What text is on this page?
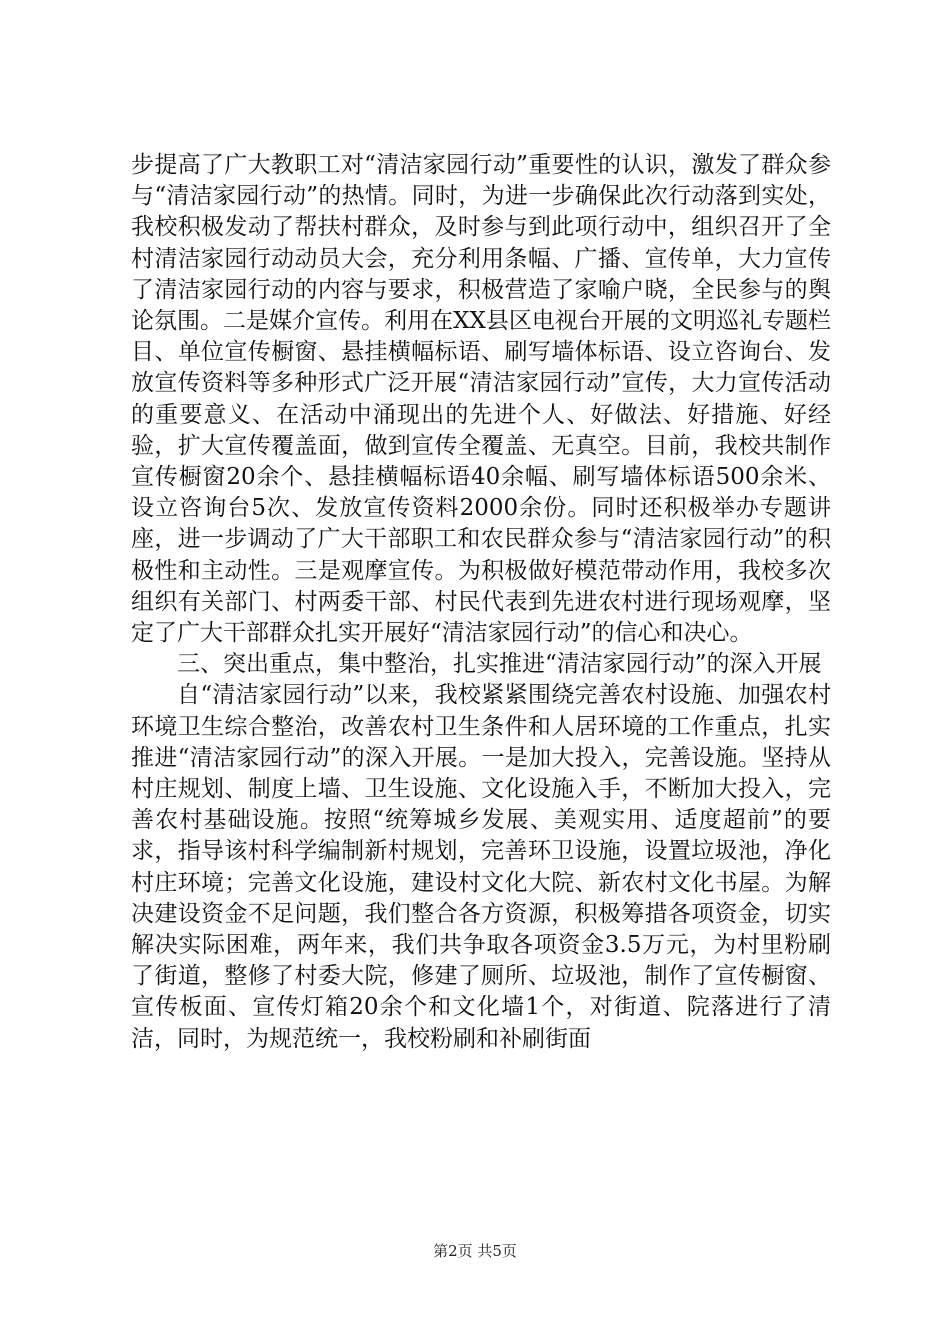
步提高了广大教职工对“清洁家园行动”重要性的认识，激发了群众参与“清洁家园行动”的热情。同时，为进一步确保此次行动落到实处，我校积极发动了帮扶村群众，及时参与到此项行动中，组织召开了全村清洁家园行动动员大会，充分利用条幅、广播、宣传单，大力宣传了清洁家园行动的内容与要求，积极营造了家喻户晓，全民参与的舆论氛围。二是媒介宣传。利用在XX县区电视台开展的文明巡礼专题栏目、单位宣传橱窗、悬挂横幅标语、刷写墙体标语、设立咨询台、发放宣传资料等多种形式广泛开展“清洁家园行动”宣传，大力宣传活动的重要意义、在活动中涌现出的先进个人、好做法、好措施、好经验，扩大宣传覆盖面，做到宣传全覆盖、无真空。目前，我校共制作宣传橱窗20余个、悬挂横幅标语40余幅、刷写墙体标语500余米、设立咨询台5次、发放宣传资料2000余份。同时还积极举办专题讲座，进一步调动了广大干部职工和农民群众参与“清洁家园行动”的积极性和主动性。三是观摩宣传。为积极做好模范带动作用，我校多次组织有关部门、村两委干部、村民代表到先进农村进行现场观摩，坚定了广大干部群众扎实开展好“清洁家园行动”的信心和决心。

三、突出重点，集中整治，扎实推进“清洁家园行动”的深入开展

自“清洁家园行动”以来，我校紧紧围绕完善农村设施、加强农村环境卫生综合整治，改善农村卫生条件和人居环境的工作重点，扎实推进“清洁家园行动”的深入开展。一是加大投入，完善设施。坚持从村庄规划、制度上墙、卫生设施、文化设施入手，不断加大投入，完善农村基础设施。按照“统筹城乡发展、美观实用、适度超前”的要求，指导该村科学编制新村规划，完善环卫设施，设置垃圾池，净化村庄环境；完善文化设施，建设村文化大院、新农村文化书屋。为解决建设资金不足问题，我们整合各方资源，积极筹措各项资金，切实解决实际困难，两年来，我们共争取各项资金3.5万元，为村里粉刷了街道，整修了村委大院，修建了厕所、垃圾池，制作了宣传橱窗、宣传板面、宣传灯箱20余个和文化墙1个，对街道、院落进行了清洁，同时，为规范统一，我校粉刷和补刷街面

第2页 共5页
